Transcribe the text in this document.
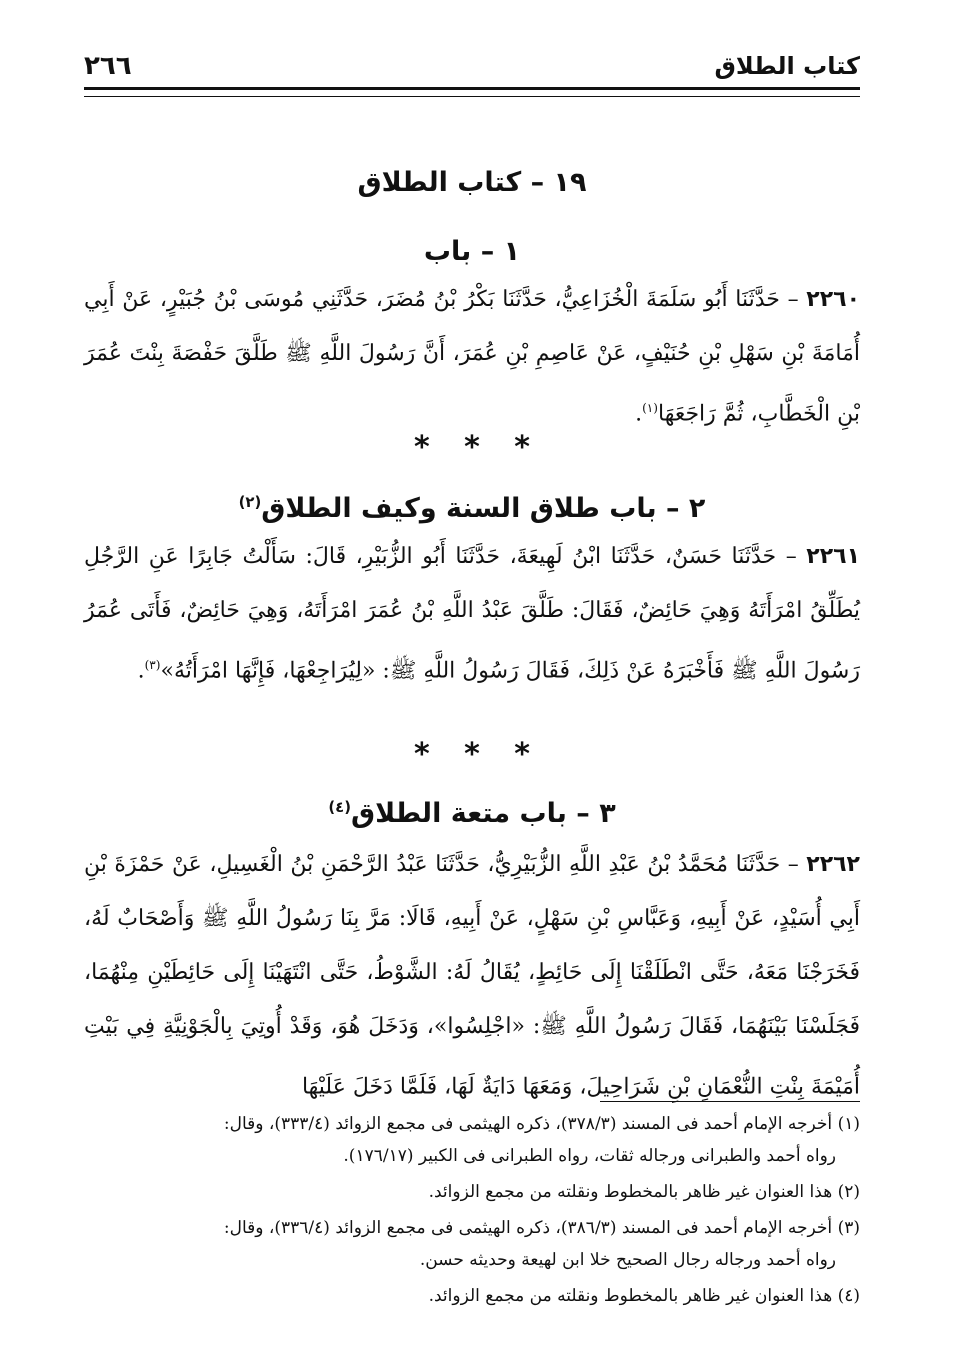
كتاب الطلاق
٢٦٦
١٩ – كتاب الطلاق
١ – باب
٢٢٦٠ – حَدَّثَنَا أَبُو سَلَمَةَ الْخُزَاعِيُّ، حَدَّثَنَا بَكْرُ بْنُ مُضَرَ، حَدَّثَنِي مُوسَى بْنُ جُبَيْرٍ، عَنْ أَبِي أُمَامَةَ بْنِ سَهْلِ بْنِ حُنَيْفٍ، عَنْ عَاصِمِ بْنِ عُمَرَ، أَنَّ رَسُولَ اللَّهِ ﷺ طَلَّقَ حَفْصَةَ بِنْتَ عُمَرَ بْنِ الْخَطَّابِ، ثُمَّ رَاجَعَهَا$^{(١)}$.
* * *
٢ – باب طلاق السنة وكيف الطلاق$^{(٢)}$
٢٢٦١ – حَدَّثَنَا حَسَنٌ، حَدَّثَنَا ابْنُ لَهِيعَةَ، حَدَّثَنَا أَبُو الزُّبَيْرِ، قَالَ: سَأَلْتُ جَابِرًا عَنِ الرَّجُلِ يُطَلِّقُ امْرَأَتَهُ وَهِيَ حَائِضٌ، فَقَالَ: طَلَّقَ عَبْدُ اللَّهِ بْنُ عُمَرَ امْرَأَتَهُ، وَهِيَ حَائِضٌ، فَأَتَى عُمَرُ رَسُولَ اللَّهِ ﷺ فَأَخْبَرَهُ عَنْ ذَلِكَ، فَقَالَ رَسُولُ اللَّهِ ﷺ: «لِيُرَاجِعْهَا، فَإِنَّهَا امْرَأَتُهُ»$^{(٣)}$.
* * *
٣ – باب متعة الطلاق$^{(٤)}$
٢٢٦٢ – حَدَّثَنَا مُحَمَّدُ بْنُ عَبْدِ اللَّهِ الزُّبَيْرِيُّ، حَدَّثَنَا عَبْدُ الرَّحْمَنِ بْنُ الْغَسِيلِ، عَنْ حَمْزَةَ بْنِ أَبِي أُسَيْدٍ، عَنْ أَبِيهِ، وَعَبَّاسِ بْنِ سَهْلٍ، عَنْ أَبِيهِ، قَالَا: مَرَّ بِنَا رَسُولُ اللَّهِ ﷺ وَأَصْحَابٌ لَهُ، فَخَرَجْنَا مَعَهُ، حَتَّى انْطَلَقْنَا إِلَى حَائِطٍ، يُقَالُ لَهُ: الشَّوْطُ، حَتَّى انْتَهَيْنَا إِلَى حَائِطَيْنِ مِنْهُمَا، فَجَلَسْنَا بَيْنَهُمَا، فَقَالَ رَسُولُ اللَّهِ ﷺ: «اجْلِسُوا»، وَدَخَلَ هُوَ، وَقَدْ أُوتِيَ بِالْجَوْنِيَّةِ فِي بَيْتِ أُمَيْمَةَ بِنْتِ النُّعْمَانِ بْنِ شَرَاحِيلَ، وَمَعَهَا دَايَةٌ لَهَا، فَلَمَّا دَخَلَ عَلَيْهَا
(١) أخرجه الإمام أحمد فى المسند (٣٧٨/٣)، ذكره الهيثمى فى مجمع الزوائد (٣٣٣/٤)، وقال:
رواه أحمد والطبرانى ورجاله ثقات، رواه الطبرانى فى الكبير (١٧٦/١٧).
(٢) هذا العنوان غير ظاهر بالمخطوط ونقلته من مجمع الزوائد.
(٣) أخرجه الإمام أحمد فى المسند (٣٨٦/٣)، ذكره الهيثمى فى مجمع الزوائد (٣٣٦/٤)، وقال:
رواه أحمد ورجاله رجال الصحيح خلا ابن لهيعة وحديثه حسن.
(٤) هذا العنوان غير ظاهر بالمخطوط ونقلته من مجمع الزوائد.
